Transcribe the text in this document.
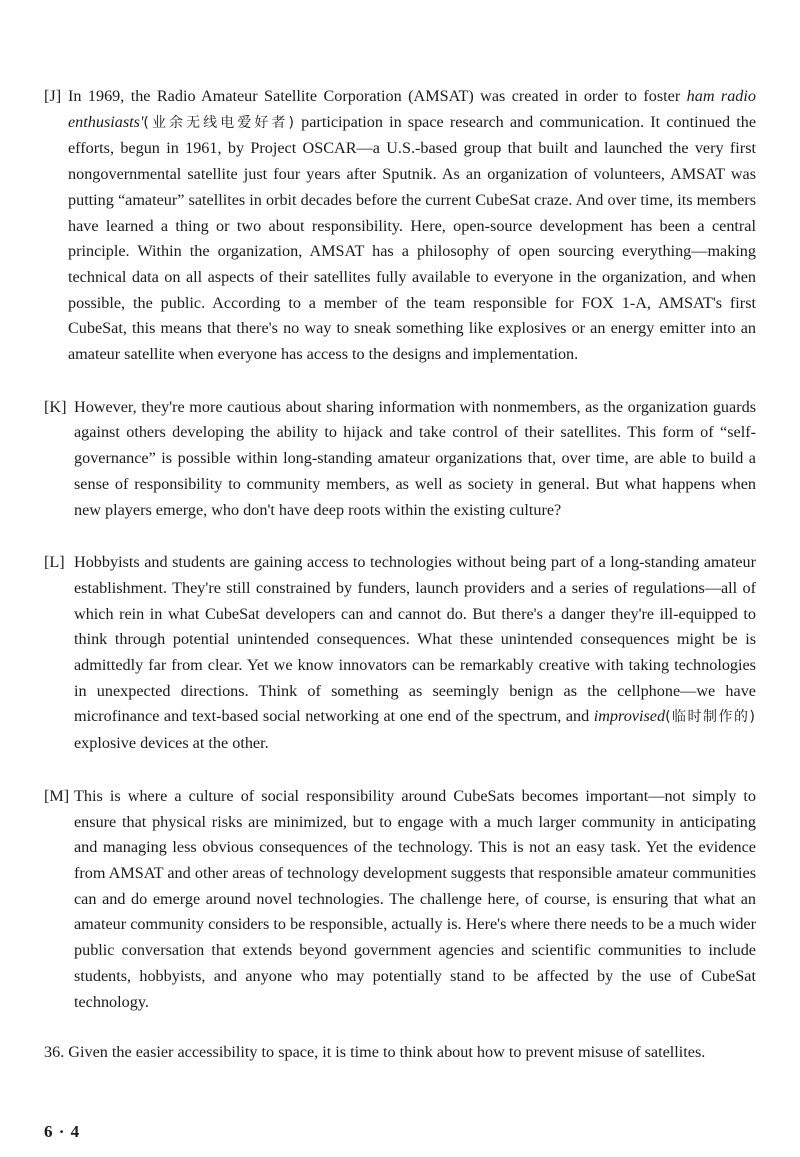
[J] In 1969, the Radio Amateur Satellite Corporation (AMSAT) was created in order to foster ham radio enthusiasts'(业余无线电爱好者) participation in space research and communication. It continued the efforts, begun in 1961, by Project OSCAR—a U.S.-based group that built and launched the very first nongovernmental satellite just four years after Sputnik. As an organization of volunteers, AMSAT was putting “amateur” satellites in orbit decades before the current CubeSat craze. And over time, its members have learned a thing or two about responsibility. Here, open-source development has been a central principle. Within the organization, AMSAT has a philosophy of open sourcing everything—making technical data on all aspects of their satellites fully available to everyone in the organization, and when possible, the public. According to a member of the team responsible for FOX 1-A, AMSAT's first CubeSat, this means that there's no way to sneak something like explosives or an energy emitter into an amateur satellite when everyone has access to the designs and implementation.

[K] However, they're more cautious about sharing information with nonmembers, as the organization guards against others developing the ability to hijack and take control of their satellites. This form of “self-governance” is possible within long-standing amateur organizations that, over time, are able to build a sense of responsibility to community members, as well as society in general. But what happens when new players emerge, who don't have deep roots within the existing culture?

[L] Hobbyists and students are gaining access to technologies without being part of a long-standing amateur establishment. They're still constrained by funders, launch providers and a series of regulations—all of which rein in what CubeSat developers can and cannot do. But there's a danger they're ill-equipped to think through potential unintended consequences. What these unintended consequences might be is admittedly far from clear. Yet we know innovators can be remarkably creative with taking technologies in unexpected directions. Think of something as seemingly benign as the cellphone—we have microfinance and text-based social networking at one end of the spectrum, and improvised(临时制作的) explosive devices at the other.

[M] This is where a culture of social responsibility around CubeSats becomes important—not simply to ensure that physical risks are minimized, but to engage with a much larger community in anticipating and managing less obvious consequences of the technology. This is not an easy task. Yet the evidence from AMSAT and other areas of technology development suggests that responsible amateur communities can and do emerge around novel technologies. The challenge here, of course, is ensuring that what an amateur community considers to be responsible, actually is. Here's where there needs to be a much wider public conversation that extends beyond government agencies and scientific communities to include students, hobbyists, and anyone who may potentially stand to be affected by the use of CubeSat technology.

36. Given the easier accessibility to space, it is time to think about how to prevent misuse of satellites.

6 · 4
